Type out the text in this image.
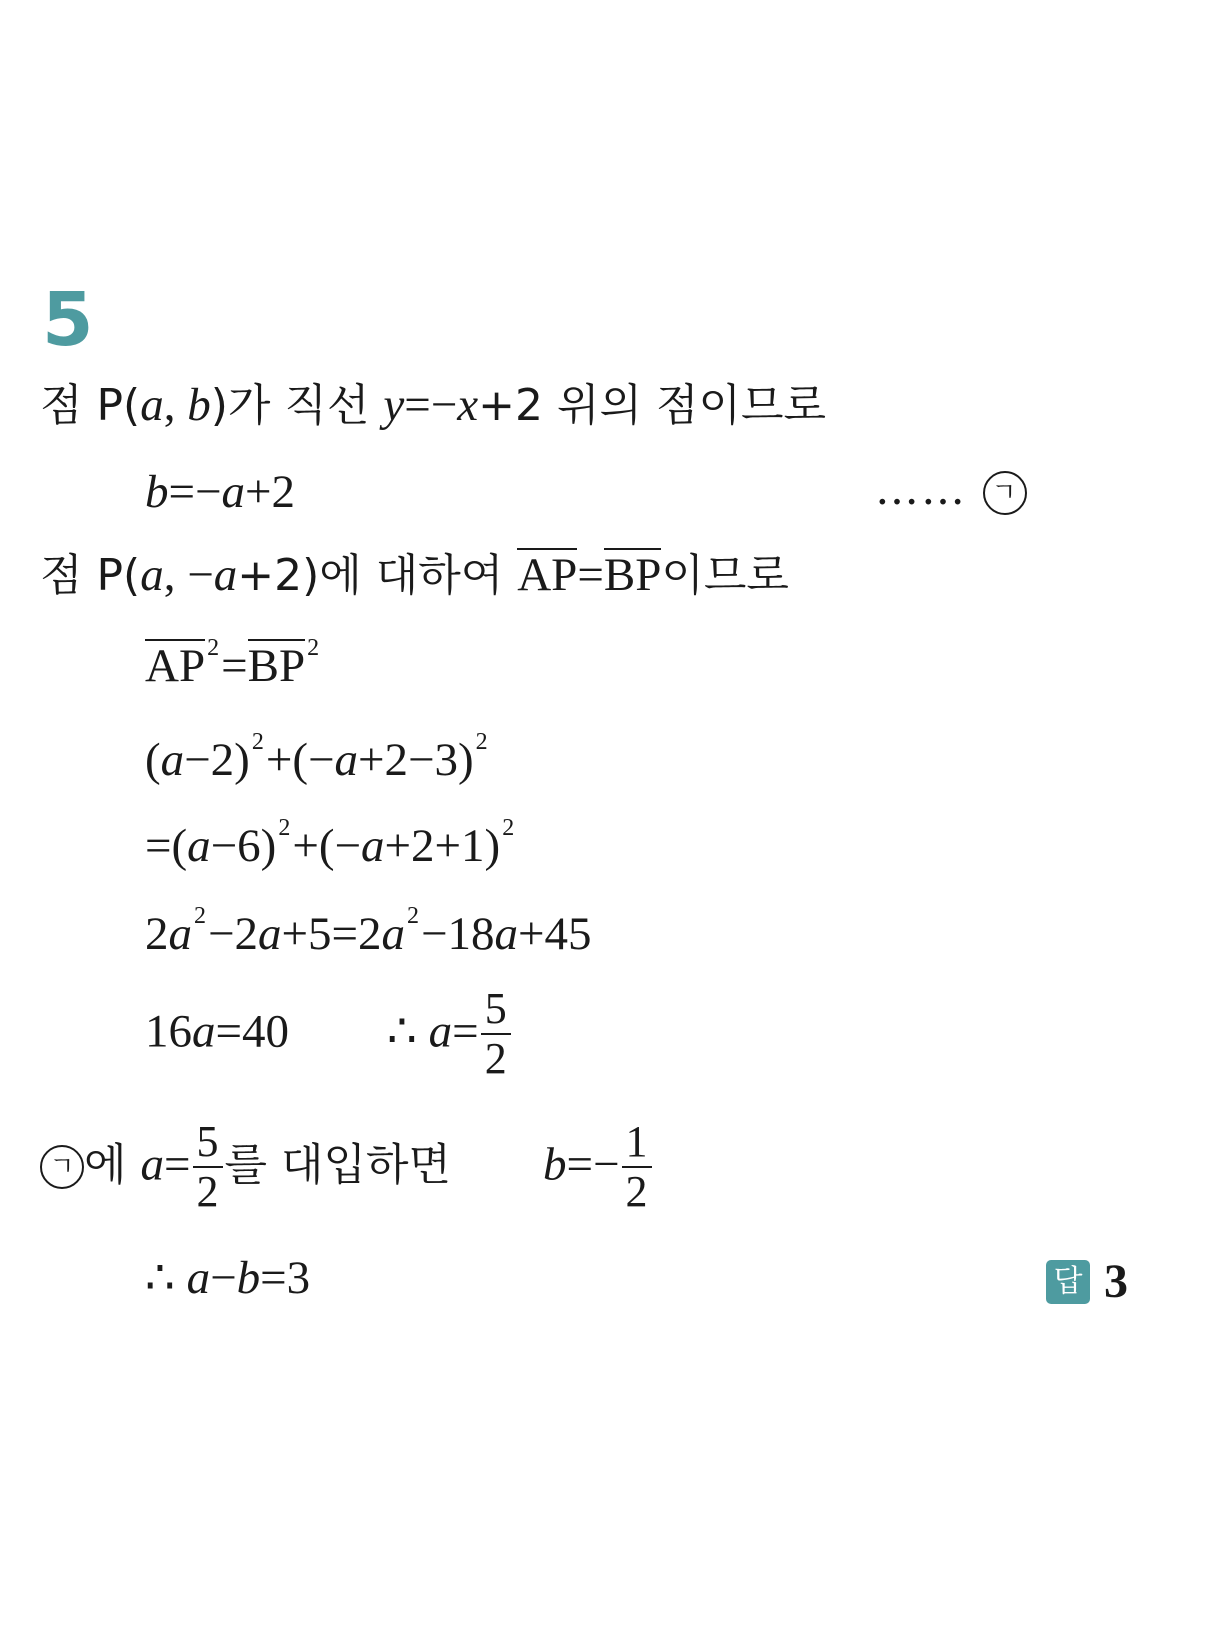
5
점 P(a, b)가 직선 y=−x+2 위의 점이므로
b=−a+2	…… ㄱ
점 P(a, −a+2)에 대하여 AP=BP이므로
$AP^2=BP^2$
$(a-2)^2+(-a+2-3)^2$
$=(a-6)^2+(-a+2+1)^2$
$2a^2-2a+5=2a^2-18a+45$
16a=40 ∴ $a= \frac{5}{2}$
ㄱ 에 $a= \frac{5}{2}$ 를 대입하면 $b=- \frac{1}{2}$
∴ a−b=3	답 3
